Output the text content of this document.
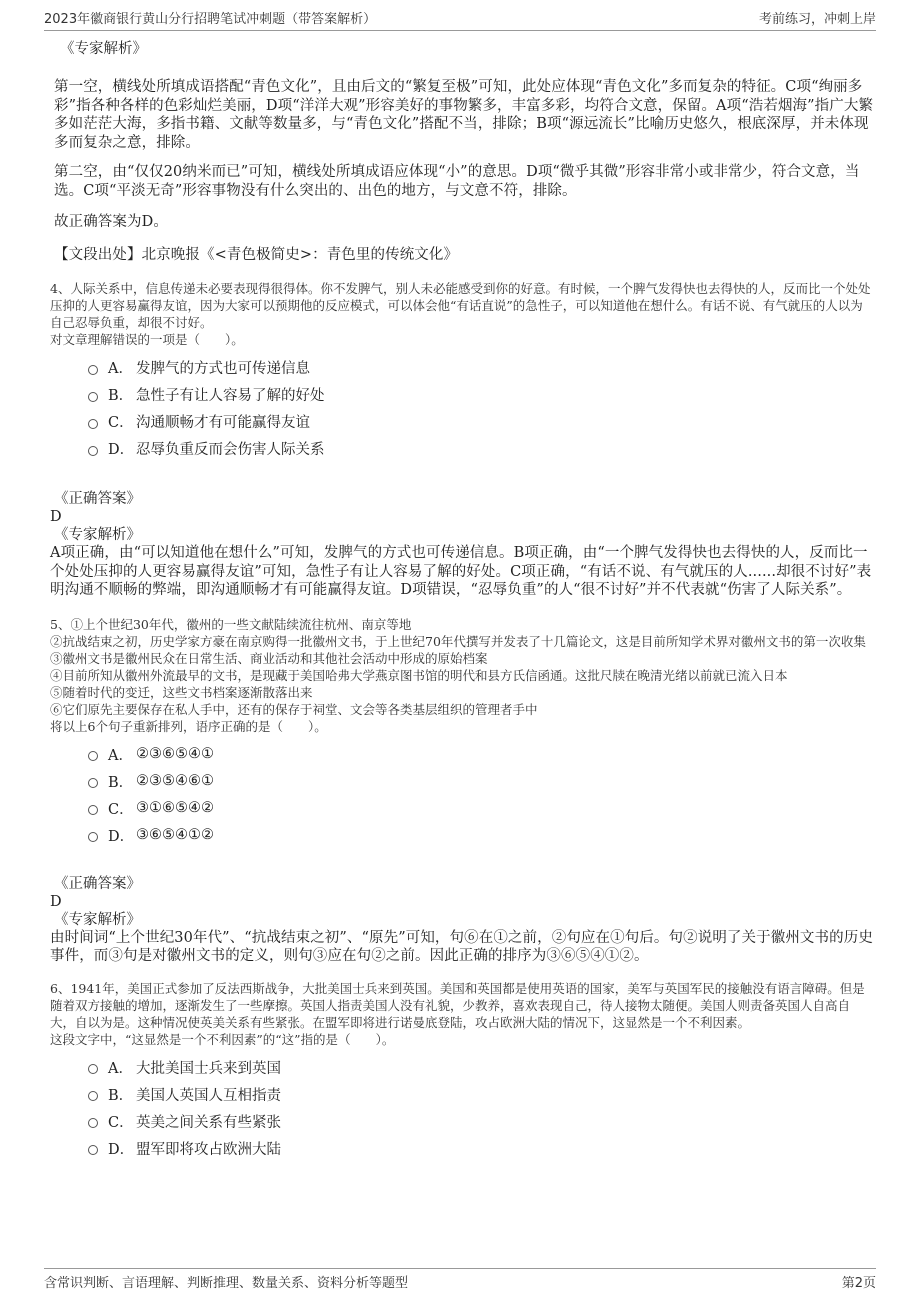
2023年徽商银行黄山分行招聘笔试冲刺题（带答案解析）	考前练习，冲刺上岸

《专家解析》

第一空，横线处所填成语搭配“青色文化”，且由后文的“繁复至极”可知，此处应体现“青色文化”多而复杂的特征。C项“绚丽多彩”指各种各样的色彩灿烂美丽，D项“洋洋大观”形容美好的事物繁多，丰富多彩，均符合文意，保留。A项“浩若烟海”指广大繁多如茫茫大海，多指书籍、文献等数量多，与“青色文化”搭配不当，排除；B项“源远流长”比喻历史悠久，根底深厚，并未体现多而复杂之意，排除。

第二空，由“仅仅20纳米而已”可知，横线处所填成语应体现“小”的意思。D项“微乎其微”形容非常小或非常少，符合文意，当选。C项“平淡无奇”形容事物没有什么突出的、出色的地方，与文意不符，排除。

故正确答案为D。

【文段出处】北京晚报《<青色极简史>：青色里的传统文化》

4、人际关系中，信息传递未必要表现得很得体。你不发脾气，别人未必能感受到你的好意。有时候，一个脾气发得快也去得快的人，反而比一个处处压抑的人更容易赢得友谊，因为大家可以预期他的反应模式，可以体会他“有话直说”的急性子，可以知道他在想什么。有话不说、有气就压的人以为自己忍辱负重，却很不讨好。

对文章理解错误的一项是（　　）。

A． 发脾气的方式也可传递信息
B． 急性子有让人容易了解的好处
C． 沟通顺畅才有可能赢得友谊
D． 忍辱负重反而会伤害人际关系

《正确答案》

D

《专家解析》

A项正确，由“可以知道他在想什么”可知，发脾气的方式也可传递信息。B项正确，由“一个脾气发得快也去得快的人，反而比一个处处压抑的人更容易赢得友谊”可知，急性子有让人容易了解的好处。C项正确，“有话不说、有气就压的人......却很不讨好”表明沟通不顺畅的弊端，即沟通顺畅才有可能赢得友谊。D项错误，“忍辱负重”的人“很不讨好”并不代表就“伤害了人际关系”。

5、①上个世纪30年代，徽州的一些文献陆续流往杭州、南京等地

②抗战结束之初，历史学家方豪在南京购得一批徽州文书，于上世纪70年代撰写并发表了十几篇论文，这是目前所知学术界对徽州文书的第一次收集

③徽州文书是徽州民众在日常生活、商业活动和其他社会活动中形成的原始档案

④目前所知从徽州外流最早的文书，是现藏于美国哈弗大学燕京图书馆的明代和县方氏信函通。这批尺牍在晚清光绪以前就已流入日本

⑤随着时代的变迁，这些文书档案逐渐散落出来

⑥它们原先主要保存在私人手中，还有的保存于祠堂、文会等各类基层组织的管理者手中

将以上6个句子重新排列，语序正确的是（　　）。

A． ②③⑥⑤④①
B． ②③⑤④⑥①
C． ③①⑥⑤④②
D． ③⑥⑤④①②

《正确答案》

D

《专家解析》

由时间词“上个世纪30年代”、“抗战结束之初”、“原先”可知，句⑥在①之前，②句应在①句后。句②说明了关于徽州文书的历史事件，而③句是对徽州文书的定义，则句③应在句②之前。因此正确的排序为③⑥⑤④①②。

6、1941年，美国正式参加了反法西斯战争，大批美国士兵来到英国。美国和英国都是使用英语的国家，美军与英国军民的接触没有语言障碍。但是随着双方接触的增加，逐渐发生了一些摩擦。英国人指责美国人没有礼貌，少教养，喜欢表现自己，待人接物太随便。美国人则责备英国人自高自大，自以为是。这种情况使英美关系有些紧张。在盟军即将进行诺曼底登陆，攻占欧洲大陆的情况下，这显然是一个不利因素。

这段文字中，“这显然是一个不利因素”的“这”指的是（　　）。

A． 大批美国士兵来到英国
B． 美国人英国人互相指责
C． 英美之间关系有些紧张
D． 盟军即将攻占欧洲大陆
含常识判断、言语理解、判断推理、数量关系、资料分析等题型	第2页
